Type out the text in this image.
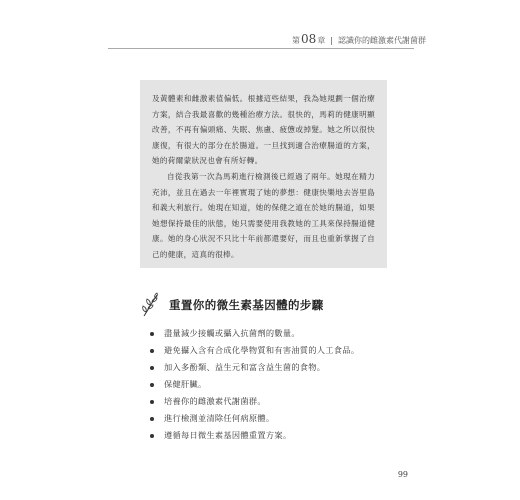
第08章 | 認識你的雌激素代謝菌群

及黃體素和雌激素值偏低。根據這些結果，我為她規劃一個治療方案，結合我最喜歡的幾種治療方法。很快的，馬莉的健康明顯改善，不再有偏頭痛、失眠、焦慮、疲憊或掉髮。她之所以很快康復，有很大的部分在於腸道。一旦找到適合治療腸道的方案，她的荷爾蒙狀況也會有所好轉。

自從我第一次為馬莉進行檢測後已經過了兩年。她現在精力充沛，並且在過去一年裡實現了她的夢想：健康快樂地去峇里島和義大利旅行。她現在知道，她的保健之道在於她的腸道，如果她想保持最佳的狀態，她只需要使用我教她的工具來保持腸道健康。她的身心狀況不只比十年前都還要好，而且也重新掌握了自己的健康，這真的很棒。

重置你的微生素基因體的步驟
盡量減少接觸或攝入抗菌劑的數量。
避免攝入含有合成化學物質和有害油質的人工食品。
加入多酚類、益生元和富含益生菌的食物。
保健肝臟。
培養你的雌激素代謝菌群。
進行檢測並清除任何病原體。
遵循每日微生素基因體重置方案。
99
